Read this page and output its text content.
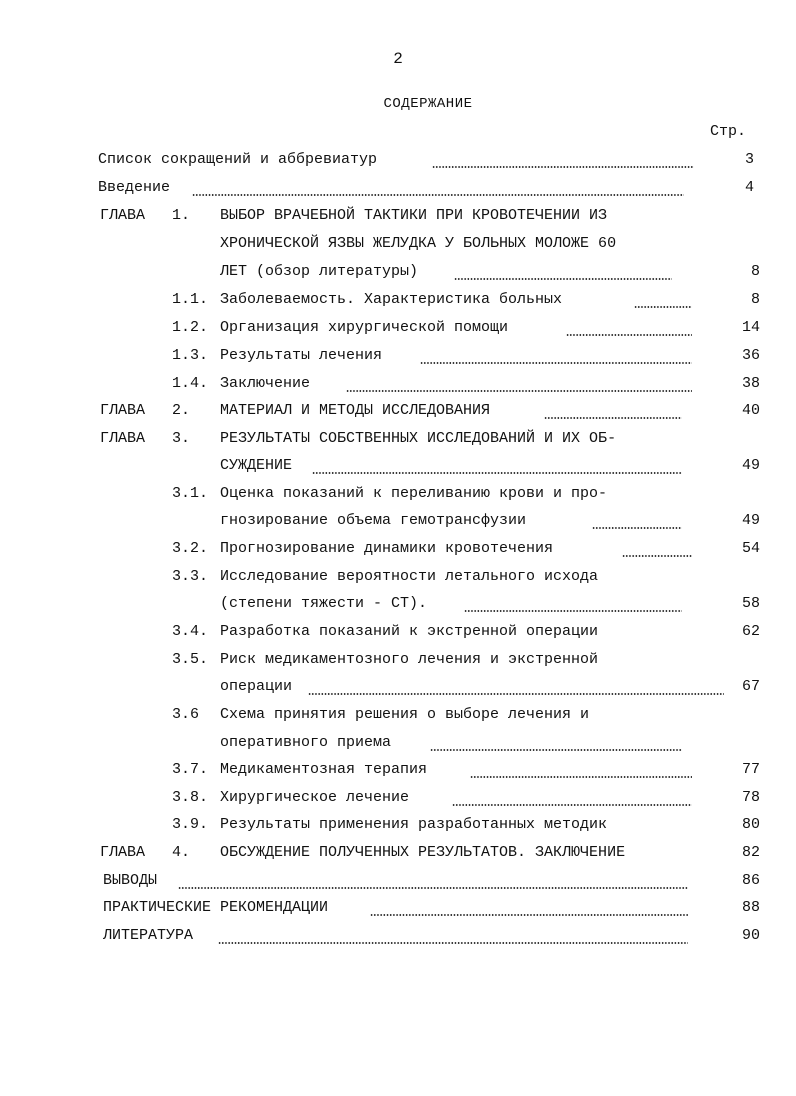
2
СОДЕРЖАНИЕ
Стр.
Список сокращений и аббревиатур	3
Введение	4
ГЛАВА 1. ВЫБОР ВРАЧЕБНОЙ ТАКТИКИ ПРИ КРОВОТЕЧЕНИИ ИЗ
ХРОНИЧЕСКОЙ ЯЗВЫ ЖЕЛУДКА У БОЛЬНЫХ МОЛОЖЕ 60
ЛЕТ (обзор литературы)	8
1.1. Заболеваемость. Характеристика больных	8
1.2. Организация хирургической помощи	14
1.3. Результаты лечения	36
1.4. Заключение	38
ГЛАВА 2. МАТЕРИАЛ И МЕТОДЫ ИССЛЕДОВАНИЯ	40
ГЛАВА 3. РЕЗУЛЬТАТЫ СОБСТВЕННЫХ ИССЛЕДОВАНИЙ И ИХ ОБ-
СУЖДЕНИЕ	49
3.1. Оценка показаний к переливанию крови и про-
гнозирование объема гемотрансфузии	49
3.2. Прогнозирование динамики кровотечения	54
3.3. Исследование вероятности летального исхода
(степени тяжести - СТ).	58
3.4. Разработка показаний к экстренной операции	62
3.5. Риск медикаментозного лечения и экстренной
операции	67
3.6 Схема принятия решения о выборе лечения и
оперативного приема
3.7. Медикаментозная терапия	77
3.8. Хирургическое лечение	78
3.9. Результаты применения разработанных методик	80
ГЛАВА 4. ОБСУЖДЕНИЕ ПОЛУЧЕННЫХ РЕЗУЛЬТАТОВ. ЗАКЛЮЧЕНИЕ	82
ВЫВОДЫ	86
ПРАКТИЧЕСКИЕ РЕКОМЕНДАЦИИ	88
ЛИТЕРАТУРА	90
